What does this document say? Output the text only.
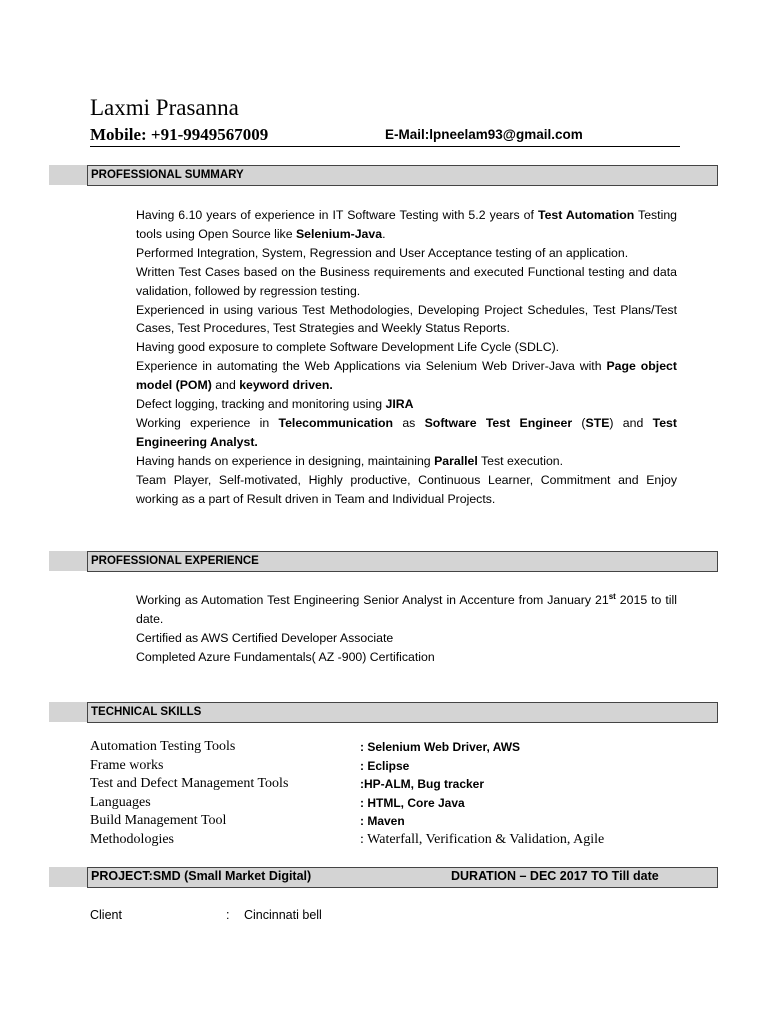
Laxmi Prasanna
Mobile: +91-9949567009	E-Mail:lpneelam93@gmail.com
PROFESSIONAL SUMMARY

Having 6.10 years of experience in IT Software Testing with 5.2 years of Test Automation Testing tools using Open Source like Selenium-Java.

Performed Integration, System, Regression and User Acceptance testing of an application.

Written Test Cases based on the Business requirements and executed Functional testing and data validation, followed by regression testing.

Experienced in using various Test Methodologies, Developing Project Schedules, Test Plans/Test Cases, Test Procedures, Test Strategies and Weekly Status Reports.

Having good exposure to complete Software Development Life Cycle (SDLC).

Experience in automating the Web Applications via Selenium Web Driver-Java with Page object model (POM) and keyword driven.

Defect logging, tracking and monitoring using JIRA

Working experience in Telecommunication as Software Test Engineer (STE) and Test Engineering Analyst.

Having hands on experience in designing, maintaining Parallel Test execution.

Team Player, Self-motivated, Highly productive, Continuous Learner, Commitment and Enjoy working as a part of Result driven in Team and Individual Projects.

PROFESSIONAL EXPERIENCE

Working as Automation Test Engineering Senior Analyst in Accenture from January 21st 2015 to till date.

Certified as AWS Certified Developer Associate

Completed Azure Fundamentals( AZ -900) Certification

TECHNICAL SKILLS
Automation Testing Tools	: Selenium Web Driver, AWS
Frame works	: Eclipse
Test and Defect Management Tools	:HP-ALM, Bug tracker
Languages	: HTML, Core Java
Build Management Tool	: Maven
Methodologies	: Waterfall, Verification & Validation, Agile
PROJECT:SMD (Small Market Digital)	DURATION – DEC 2017 TO Till date
Client	: Cincinnati bell
